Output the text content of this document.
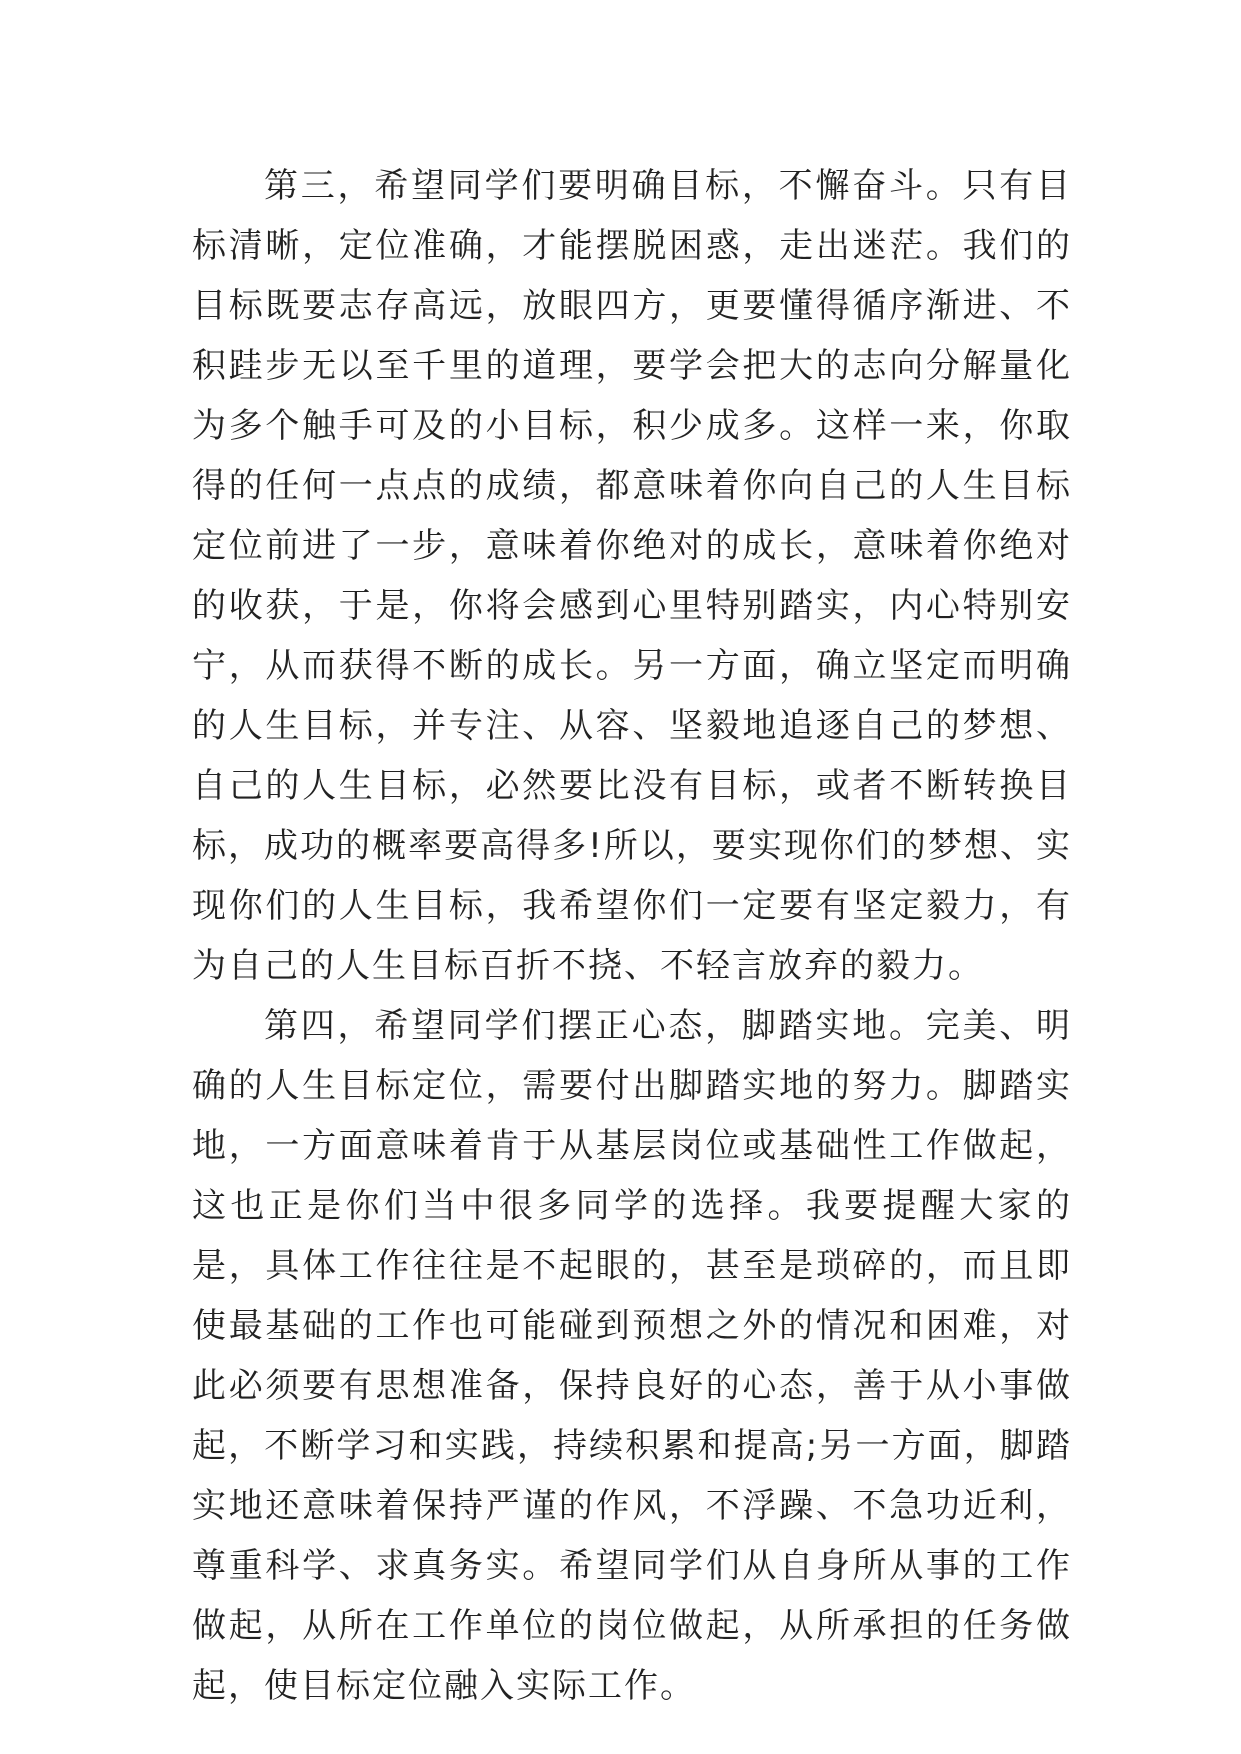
第三，希望同学们要明确目标，不懈奋斗。只有目标清晰，定位准确，才能摆脱困惑，走出迷茫。我们的目标既要志存高远，放眼四方，更要懂得循序渐进、不积跬步无以至千里的道理，要学会把大的志向分解量化为多个触手可及的小目标，积少成多。这样一来，你取得的任何一点点的成绩，都意味着你向自己的人生目标定位前进了一步，意味着你绝对的成长，意味着你绝对的收获，于是，你将会感到心里特别踏实，内心特别安宁，从而获得不断的成长。另一方面，确立坚定而明确的人生目标，并专注、从容、坚毅地追逐自己的梦想、自己的人生目标，必然要比没有目标，或者不断转换目标，成功的概率要高得多!所以，要实现你们的梦想、实现你们的人生目标，我希望你们一定要有坚定毅力，有为自己的人生目标百折不挠、不轻言放弃的毅力。

第四，希望同学们摆正心态，脚踏实地。完美、明确的人生目标定位，需要付出脚踏实地的努力。脚踏实地，一方面意味着肯于从基层岗位或基础性工作做起，这也正是你们当中很多同学的选择。我要提醒大家的是，具体工作往往是不起眼的，甚至是琐碎的，而且即使最基础的工作也可能碰到预想之外的情况和困难，对此必须要有思想准备，保持良好的心态，善于从小事做起，不断学习和实践，持续积累和提高;另一方面，脚踏实地还意味着保持严谨的作风，不浮躁、不急功近利，尊重科学、求真务实。希望同学们从自身所从事的工作做起，从所在工作单位的岗位做起，从所承担的任务做起，使目标定位融入实际工作。
